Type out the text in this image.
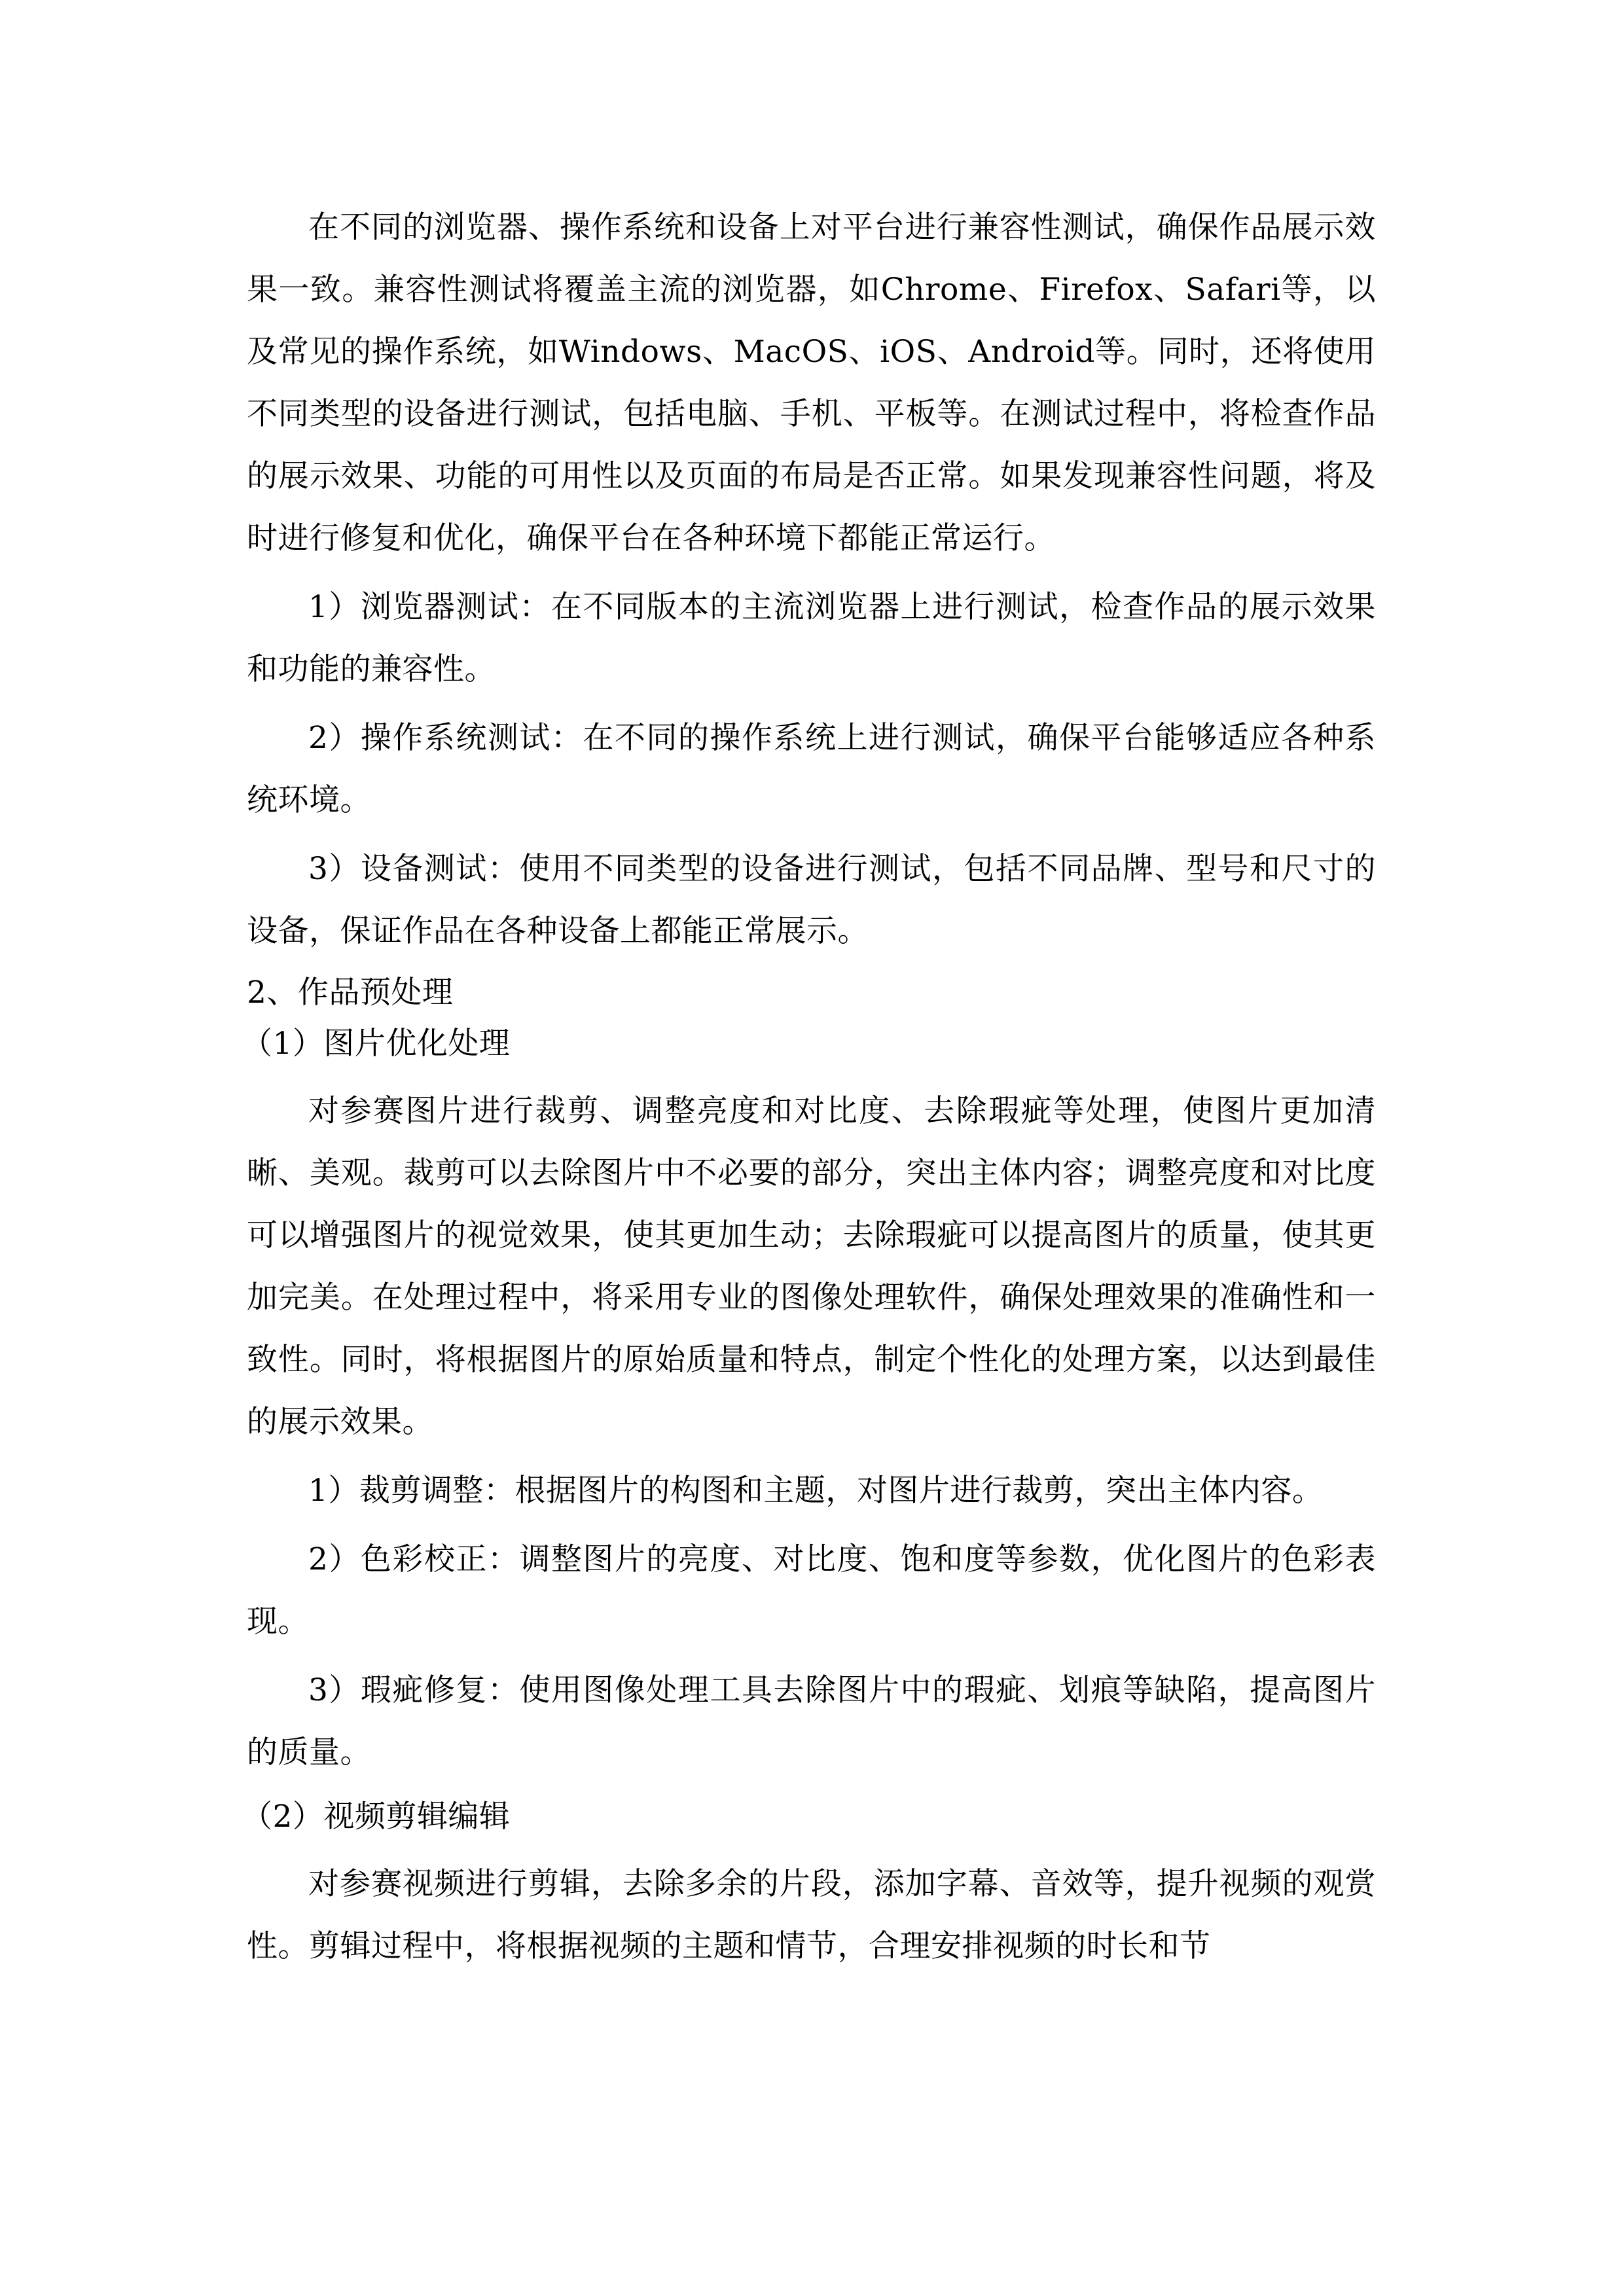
在不同的浏览器、操作系统和设备上对平台进行兼容性测试，确保作品展示效果一致。兼容性测试将覆盖主流的浏览器，如Chrome、Firefox、Safari等，以及常见的操作系统，如Windows、MacOS、iOS、Android等。同时，还将使用不同类型的设备进行测试，包括电脑、手机、平板等。在测试过程中，将检查作品的展示效果、功能的可用性以及页面的布局是否正常。如果发现兼容性问题，将及时进行修复和优化，确保平台在各种环境下都能正常运行。

1）浏览器测试：在不同版本的主流浏览器上进行测试，检查作品的展示效果和功能的兼容性。

2）操作系统测试：在不同的操作系统上进行测试，确保平台能够适应各种系统环境。

3）设备测试：使用不同类型的设备进行测试，包括不同品牌、型号和尺寸的设备，保证作品在各种设备上都能正常展示。

2、作品预处理
（1）图片优化处理

对参赛图片进行裁剪、调整亮度和对比度、去除瑕疵等处理，使图片更加清晰、美观。裁剪可以去除图片中不必要的部分，突出主体内容；调整亮度和对比度可以增强图片的视觉效果，使其更加生动；去除瑕疵可以提高图片的质量，使其更加完美。在处理过程中，将采用专业的图像处理软件，确保处理效果的准确性和一致性。同时，将根据图片的原始质量和特点，制定个性化的处理方案，以达到最佳的展示效果。

1）裁剪调整：根据图片的构图和主题，对图片进行裁剪，突出主体内容。

2）色彩校正：调整图片的亮度、对比度、饱和度等参数，优化图片的色彩表现。

3）瑕疵修复：使用图像处理工具去除图片中的瑕疵、划痕等缺陷，提高图片的质量。

（2）视频剪辑编辑

对参赛视频进行剪辑，去除多余的片段，添加字幕、音效等，提升视频的观赏性。剪辑过程中，将根据视频的主题和情节，合理安排视频的时长和节
